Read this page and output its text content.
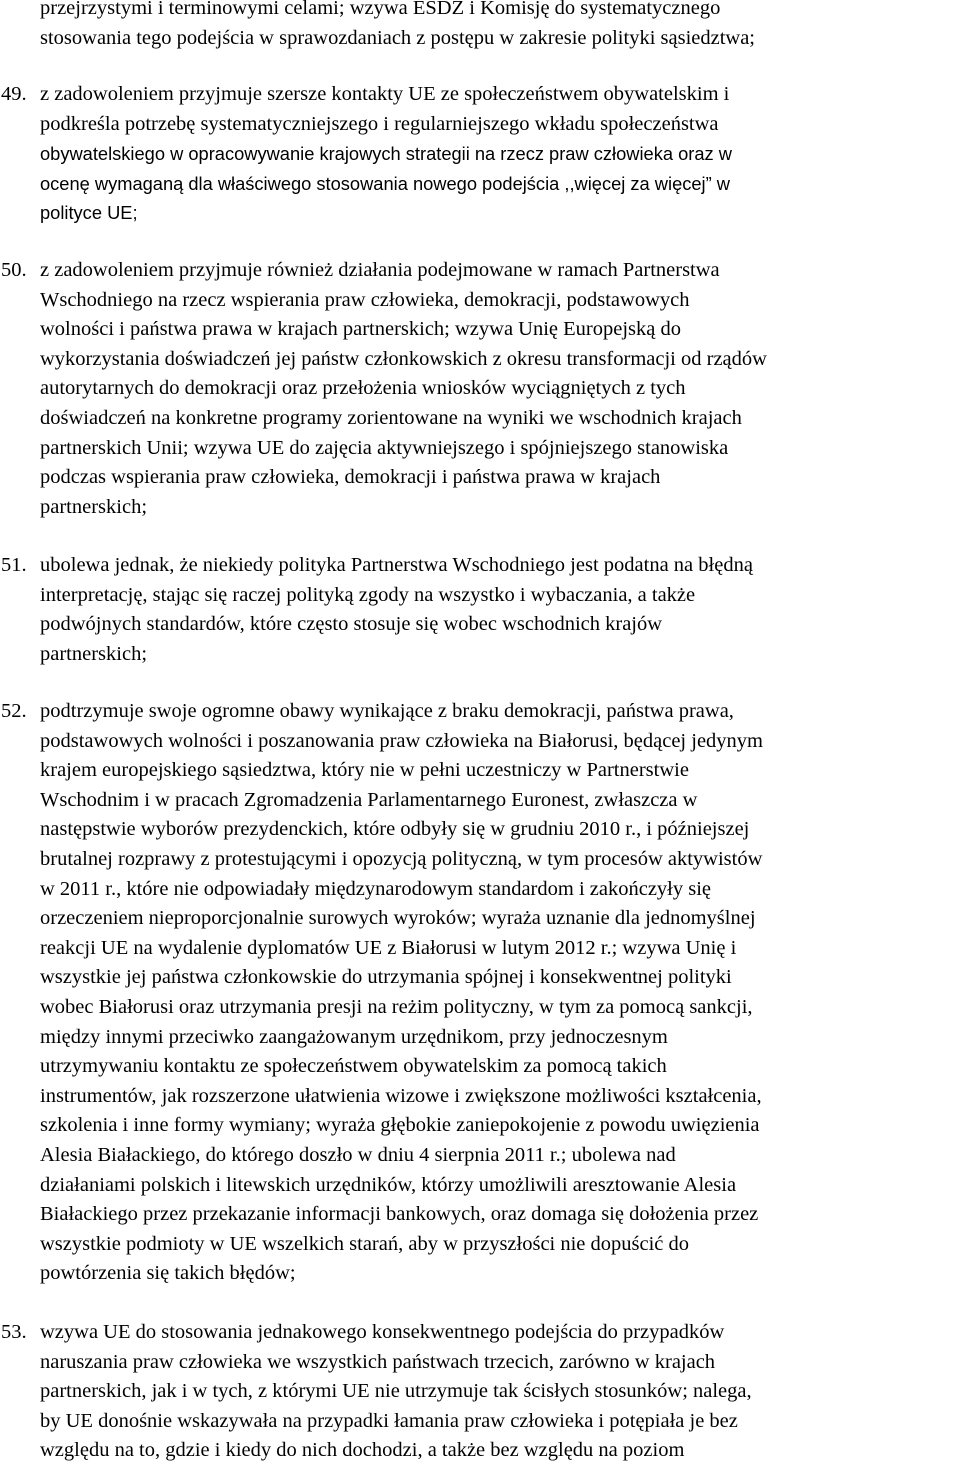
przejrzystymi i terminowymi celami; wzywa ESDZ i Komisję do systematycznego
stosowania tego podejścia w sprawozdaniach z postępu w zakresie polityki sąsiedztwa;
49. z zadowoleniem przyjmuje szersze kontakty UE ze społeczeństwem obywatelskim i
podkreśla potrzebę systematyczniejszego i regularniejszego wkładu społeczeństwa
obywatelskiego w opracowywanie krajowych strategii na rzecz praw człowieka oraz w
ocenę wymaganą dla właściwego stosowania nowego podejścia ,,więcej za więcej” w
polityce UE;
50. z zadowoleniem przyjmuje również działania podejmowane w ramach Partnerstwa
Wschodniego na rzecz wspierania praw człowieka, demokracji, podstawowych
wolności i państwa prawa w krajach partnerskich; wzywa Unię Europejską do
wykorzystania doświadczeń jej państw członkowskich z okresu transformacji od rządów
autorytarnych do demokracji oraz przełożenia wniosków wyciągniętych z tych
doświadczeń na konkretne programy zorientowane na wyniki we wschodnich krajach
partnerskich Unii; wzywa UE do zajęcia aktywniejszego i spójniejszego stanowiska
podczas wspierania praw człowieka, demokracji i państwa prawa w krajach
partnerskich;
51. ubolewa jednak, że niekiedy polityka Partnerstwa Wschodniego jest podatna na błędną
interpretację, stając się raczej polityką zgody na wszystko i wybaczania, a także
podwójnych standardów, które często stosuje się wobec wschodnich krajów
partnerskich;
52. podtrzymuje swoje ogromne obawy wynikające z braku demokracji, państwa prawa,
podstawowych wolności i poszanowania praw człowieka na Białorusi, będącej jedynym
krajem europejskiego sąsiedztwa, który nie w pełni uczestniczy w Partnerstwie
Wschodnim i w pracach Zgromadzenia Parlamentarnego Euronest, zwłaszcza w
następstwie wyborów prezydenckich, które odbyły się w grudniu 2010 r., i późniejszej
brutalnej rozprawy z protestującymi i opozycją polityczną, w tym procesów aktywistów
w 2011 r., które nie odpowiadały międzynarodowym standardom i zakończyły się
orzeczeniem nieproporcjonalnie surowych wyroków; wyraża uznanie dla jednomyślnej
reakcji UE na wydalenie dyplomatów UE z Białorusi w lutym 2012 r.; wzywa Unię i
wszystkie jej państwa członkowskie do utrzymania spójnej i konsekwentnej polityki
wobec Białorusi oraz utrzymania presji na reżim polityczny, w tym za pomocą sankcji,
między innymi przeciwko zaangażowanym urzędnikom, przy jednoczesnym
utrzymywaniu kontaktu ze społeczeństwem obywatelskim za pomocą takich
instrumentów, jak rozszerzone ułatwienia wizowe i zwiększone możliwości kształcenia,
szkolenia i inne formy wymiany; wyraża głębokie zaniepokojenie z powodu uwięzienia
Alesia Białackiego, do którego doszło w dniu 4 sierpnia 2011 r.; ubolewa nad
działaniami polskich i litewskich urzędników, którzy umożliwili aresztowanie Alesia
Białackiego przez przekazanie informacji bankowych, oraz domaga się dołożenia przez
wszystkie podmioty w UE wszelkich starań, aby w przyszłości nie dopuścić do
powtórzenia się takich błędów;
53. wzywa UE do stosowania jednakowego konsekwentnego podejścia do przypadków
naruszania praw człowieka we wszystkich państwach trzecich, zarówno w krajach
partnerskich, jak i w tych, z którymi UE nie utrzymuje tak ścisłych stosunków; nalega,
by UE donośnie wskazywała na przypadki łamania praw człowieka i potępiała je bez
względu na to, gdzie i kiedy do nich dochodzi, a także bez względu na poziom
